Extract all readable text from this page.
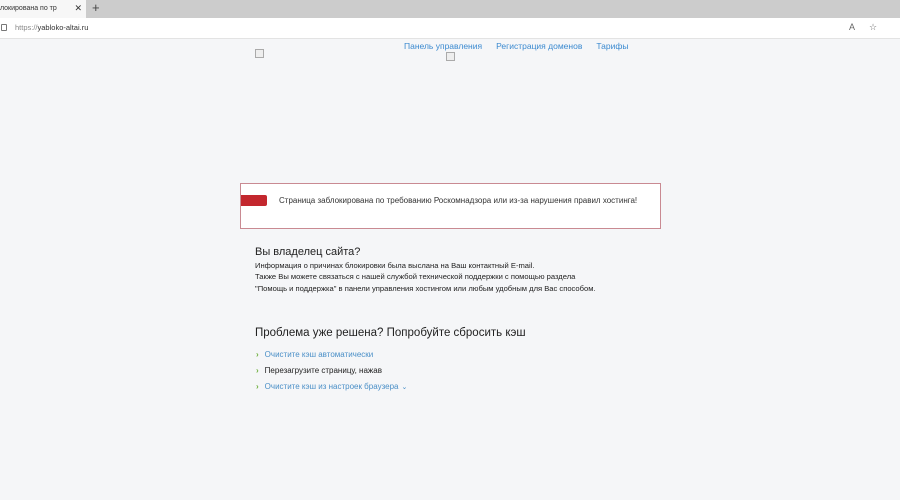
локирована по тр ✕ +
https://yabloko-altai.ru	A ☆
Панель управления Регистрация доменов Тарифы
Страница заблокирована по требованию Роскомнадзора или из-за нарушения правил хостинга!
Вы владелец сайта?
Информация о причинах блокировки была выслана на Ваш контактный E-mail.
Также Вы можете связаться с нашей службой технической поддержки с помощью раздела
"Помощь и поддержка" в панели управления хостингом или любым удобным для Вас способом.
Проблема уже решена? Попробуйте сбросить кэш
› Очистите кэш автоматически
› Перезагрузите страницу, нажав
› Очистите кэш из настроек браузера ⌄
